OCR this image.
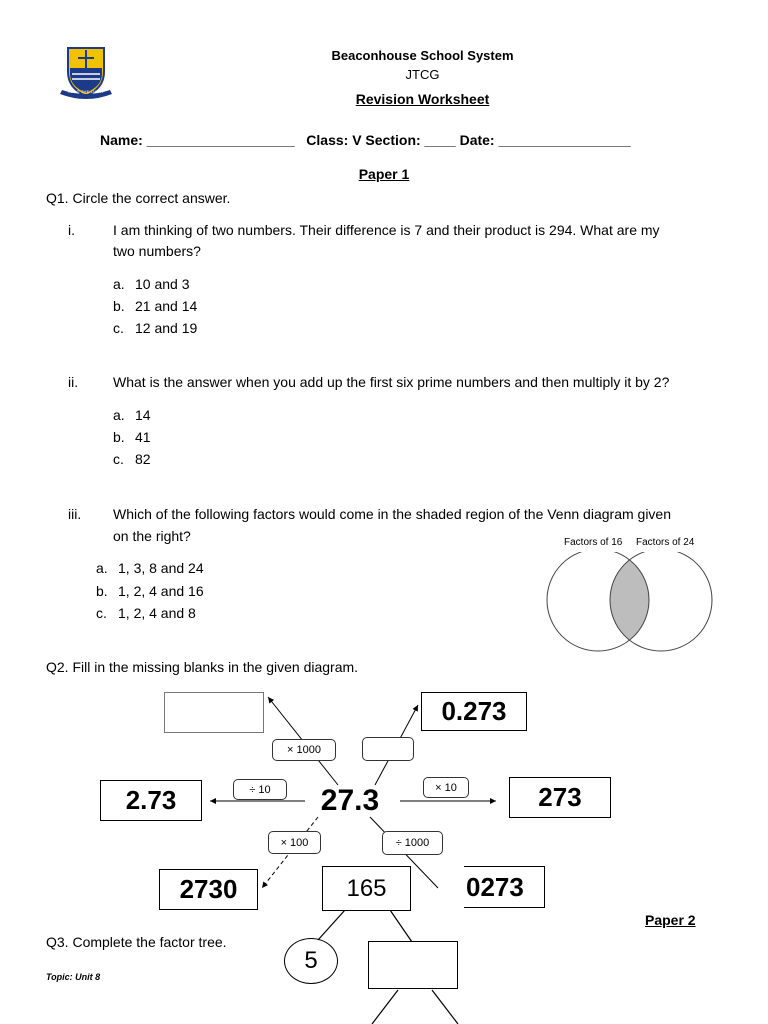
LEAD THE LIGHT
Beaconhouse School System
JTCG
Revision Worksheet
Name: ___________________   Class: V Section: ____ Date: _________________
Paper 1
Q1. Circle the correct answer.
i.	I am thinking of two numbers. Their difference is 7 and their product is 294. What are my
two numbers?
a. 10 and 3
b. 21 and 14
c. 12 and 19
ii. What is the answer when you add up the first six prime numbers and then multiply it by 2?
a. 14
b. 41
c. 82
iii. Which of the following factors would come in the shaded region of the Venn diagram given
on the right?
a. 1, 3, 8 and 24
b. 1, 2, 4 and 16
c. 1, 2, 4 and 8
Factors of 16 Factors of 24
Q2. Fill in the missing blanks in the given diagram.
0.273
× 1000
2.73	÷ 10	27.3	× 10	273
× 100	÷ 1000
2730	0273
Paper 2
165
Q3. Complete the factor tree.
5
Topic: Unit 8
